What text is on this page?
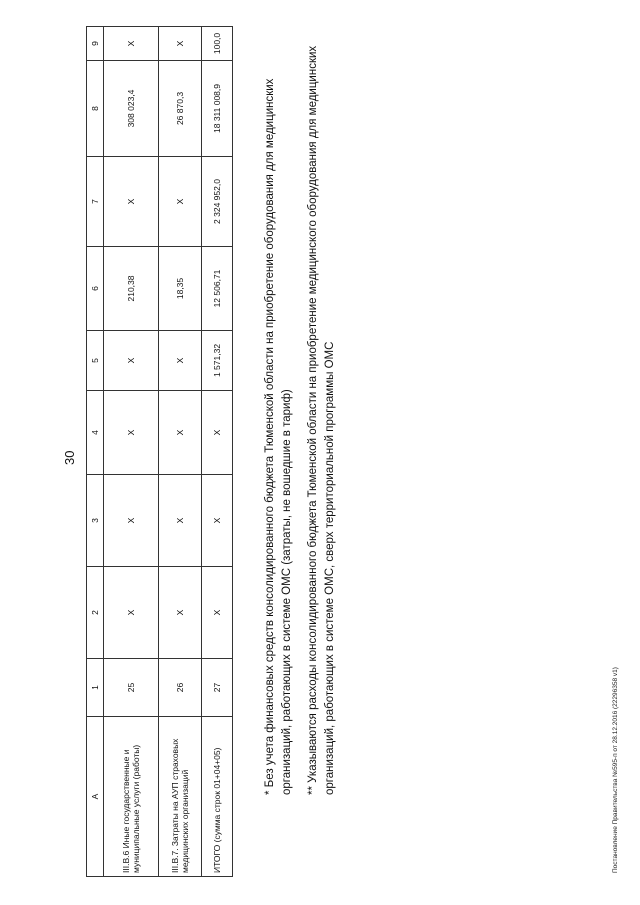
30
А	1	2	3	4	5	6	7	8	9
III.В.6 Иные государственные и муниципальные услуги (работы)	25	X	X	X	X	210,38	X	308 023,4	X
III.В.7. Затраты на АУП страховых медицинских организаций	26	X	X	X	X	18,35	X	26 870,3	X
ИТОГО (сумма строк 01+04+05)	27	X	X	X	1 571,32	12 506,71	2 324 952,0	18 311 008,9	100,0

* Без учета финансовых средств консолидированного бюджета Тюменской области на приобретение оборудования для медицинских организаций, работающих в системе ОМС (затраты, не вошедшие в тариф) ** Указываются расходы консолидированного бюджета Тюменской области на приобретение медицинского оборудования для медицинских организаций, работающих в системе ОМС, сверх территориальной программы ОМС	Постановление Правительства №595-п от 28.12.2016 (22296358 v1)
